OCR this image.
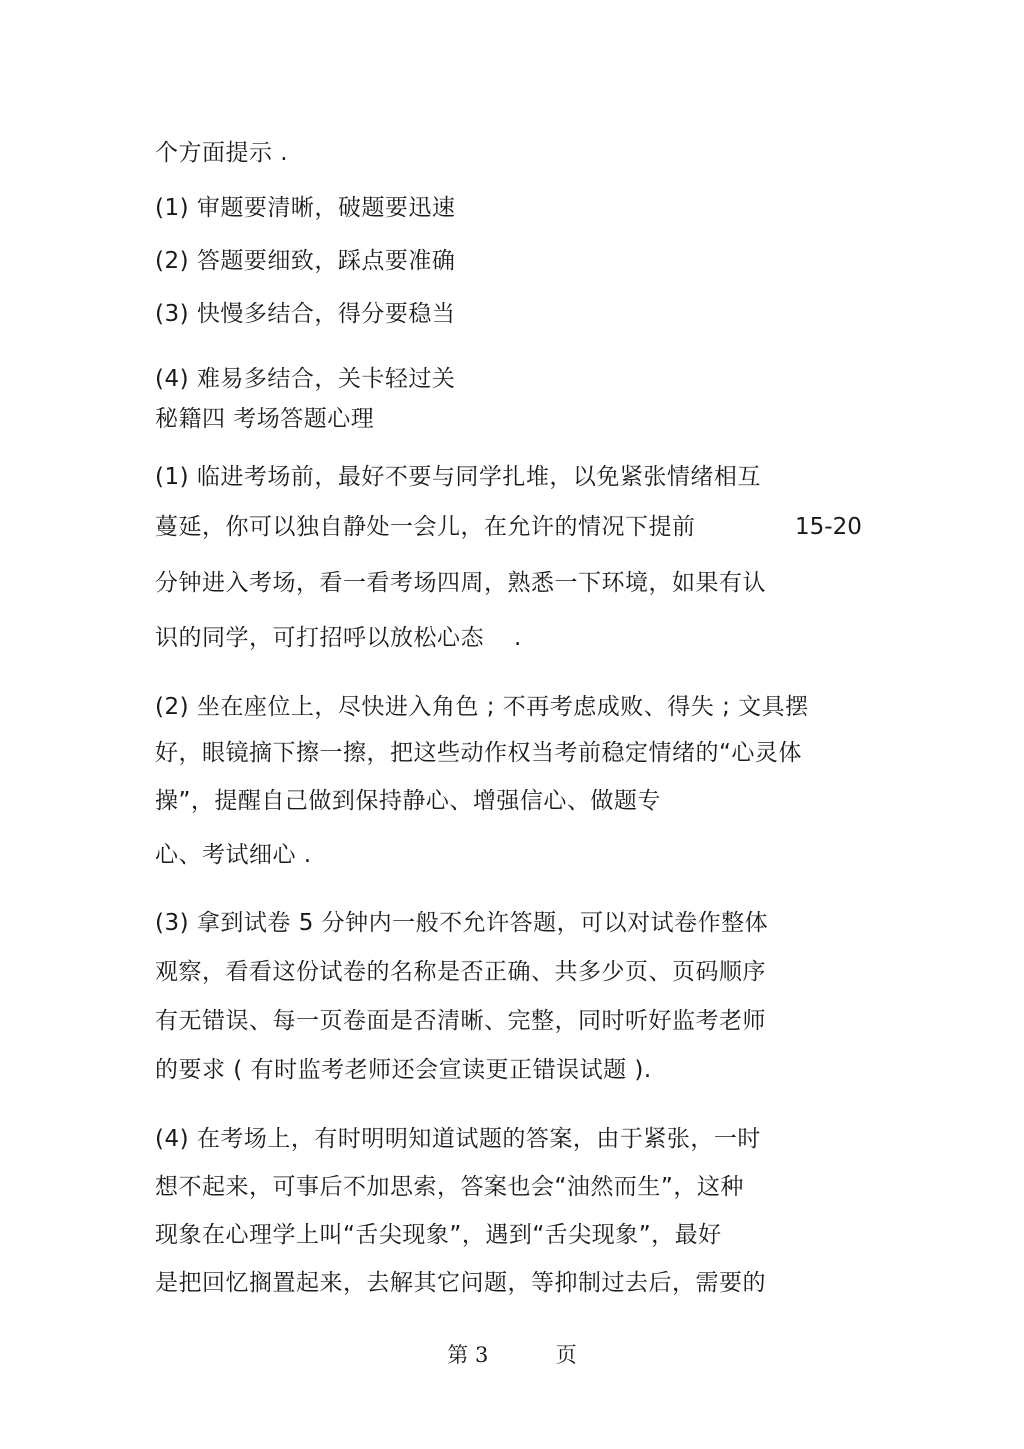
个方面提示 .
(1) 审题要清晰，破题要迅速
(2) 答题要细致，踩点要准确
(3) 快慢多结合，得分要稳当
(4) 难易多结合，关卡轻过关
秘籍四 考场答题心理
(1) 临进考场前，最好不要与同学扎堆，以免紧张情绪相互
蔓延，你可以独自静处一会儿，在允许的情况下提前	15-20
分钟进入考场，看一看考场四周，熟悉一下环境，如果有认
识的同学，可打招呼以放松心态 .
(2) 坐在座位上，尽快进入角色 ; 不再考虑成败、得失 ; 文具摆
好，眼镜摘下擦一擦，把这些动作权当考前稳定情绪的“心灵体
操”，提醒自己做到保持静心、增强信心、做题专
心、考试细心 .
(3) 拿到试卷 5 分钟内一般不允许答题，可以对试卷作整体
观察，看看这份试卷的名称是否正确、共多少页、页码顺序
有无错误、每一页卷面是否清晰、完整，同时听好监考老师
的要求 ( 有时监考老师还会宣读更正错误试题 ).
(4) 在考场上，有时明明知道试题的答案，由于紧张，一时
想不起来，可事后不加思索，答案也会“油然而生”，这种
现象在心理学上叫“舌尖现象”，遇到“舌尖现象”，最好
是把回忆搁置起来，去解其它问题，等抑制过去后，需要的
第 3	页
